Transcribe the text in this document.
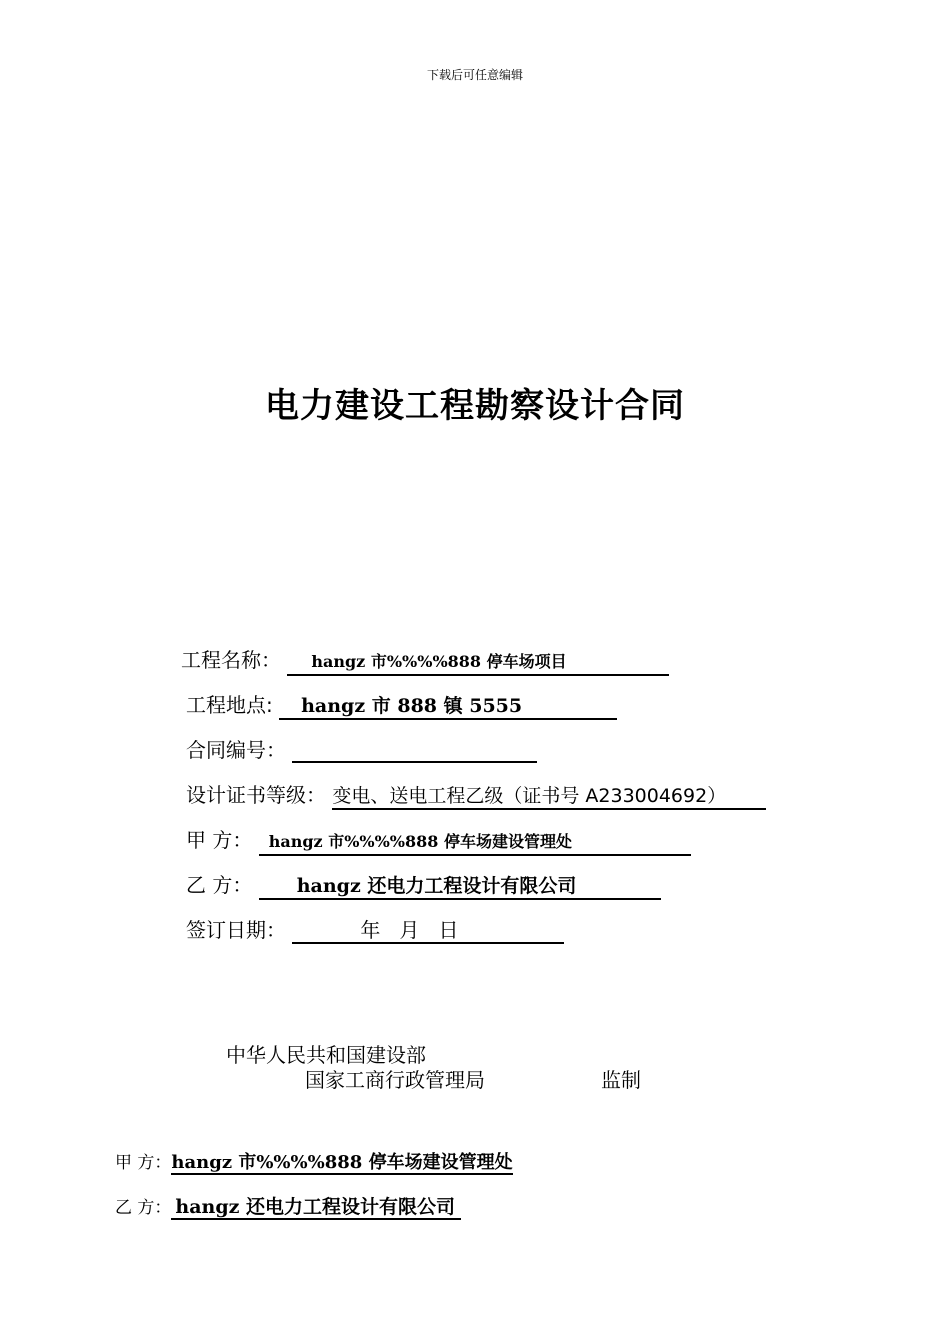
下载后可任意编辑
电力建设工程勘察设计合同
工程名称： hangz 市%%%%888 停车场项目
工程地点: hangz 市 888 镇 5555
合同编号：
设计证书等级： 变电、送电工程乙级（证书号 A233004692）
甲 方： hangz 市%%%%888 停车场建设管理处
乙 方： hangz 还电力工程设计有限公司
签订日期：	年   月   日
中华人民共和国建设部
国家工商行政管理局	监制
甲 方：hangz 市%%%%888 停车场建设管理处
乙 方： hangz 还电力工程设计有限公司
